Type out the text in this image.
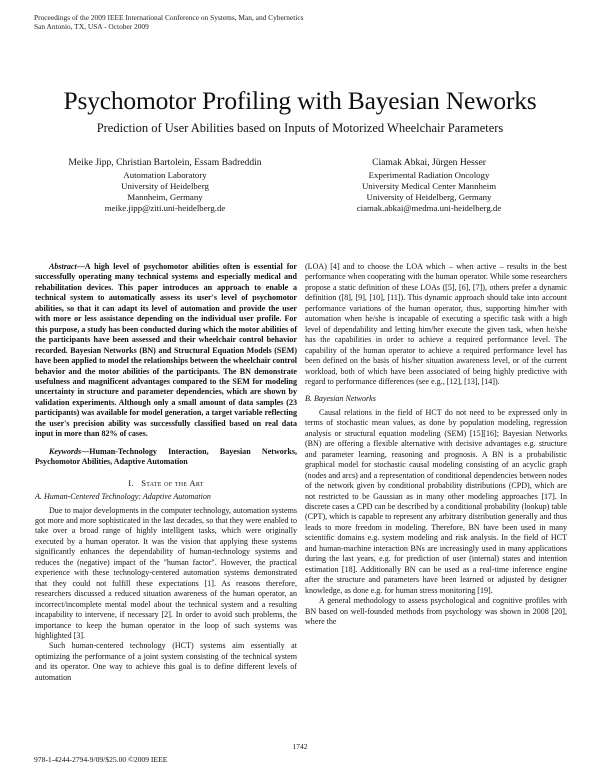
Proceedings of the 2009 IEEE International Conference on Systems, Man, and Cybernetics
San Antonio, TX, USA - October 2009
Psychomotor Profiling with Bayesian Neworks
Prediction of User Abilities based on Inputs of Motorized Wheelchair Parameters
Meike Jipp, Christian Bartolein, Essam Badreddin
Automation Laboratory
University of Heidelberg
Mannheim, Germany
meike.jipp@ziti.uni-heidelberg.de
Ciamak Abkai, Jürgen Hesser
Experimental Radiation Oncology
University Medical Center Mannheim
University of Heidelberg, Germany
ciamak.abkai@medma.uni-heidelberg.de

Abstract—A high level of psychomotor abilities often is essential for successfully operating many technical systems and especially medical and rehabilitation devices. This paper introduces an approach to enable a technical system to automatically assess its user's level of psychomotor abilities, so that it can adapt its level of automation and provide the user with more or less assistance depending on the individual user profile. For this purpose, a study has been conducted during which the motor abilities of the participants have been assessed and their wheelchair control behavior recorded. Bayesian Networks (BN) and Structural Equation Models (SEM) have been applied to model the relationships between the wheelchair control behavior and the motor abilities of the participants. The BN demonstrate usefulness and magnificent advantages compared to the SEM for modeling uncertainty in structure and parameter dependencies, which are shown by validation experiments. Although only a small amount of data samples (23 participants) was available for model generation, a target variable reflecting the user's precision ability was successfully classified based on real data input in more than 82% of cases.

Keywords—Human-Technology Interaction, Bayesian Networks, Psychomotor Abilities, Adaptive Automation

I. State of the Art
A. Human-Centered Technology: Adaptive Automation

Due to major developments in the computer technology, automation systems got more and more sophisticated in the last decades, so that they were enabled to take over a broad range of highly intelligent tasks, which were originally executed by a human operator. It was the vision that applying these systems significantly enhances the dependability of human-technology systems and reduces the (negative) impact of the "human factor". However, the practical experience with these technology-centered automation systems demonstrated that they could not fulfill these expectations [1]. As reasons therefore, researchers discussed a reduced situation awareness of the human operator, an incorrect/incomplete mental model about the technical system and a resulting incapability to intervene, if necessary [2]. In order to avoid such problems, the importance to keep the human operator in the loop of such systems was highlighted [3].

Such human-centered technology (HCT) systems aim essentially at optimizing the performance of a joint system consisting of the technical system and its operator. One way to achieve this goal is to define different levels of automation

(LOA) [4] and to choose the LOA which – when active – results in the best performance when cooperating with the human operator. While some researchers propose a static definition of these LOAs ([5], [6], [7]), others prefer a dynamic definition ([8], [9], [10], [11]). This dynamic approach should take into account performance variations of the human operator, thus, supporting him/her with automation when he/she is incapable of executing a specific task with a high level of dependability and letting him/her execute the given task, when he/she has the capabilities in order to achieve a required performance level. The capability of the human operator to achieve a required performance level has been defined on the basis of his/her situation awareness level, or of the current workload, both of which have been associated of being highly predictive with regard to performance differences (see e.g., [12], [13], [14]).

B. Bayesian Networks

Causal relations in the field of HCT do not need to be expressed only in terms of stochastic mean values, as done by population modeling, regression analysis or structural equation modeling (SEM) [15][16]; Bayesian Networks (BN) are offering a flexible alternative with decisive advantages e.g. structure and parameter learning, reasoning and prognosis. A BN is a probabilistic graphical model for stochastic causal modeling consisting of an acyclic graph (nodes and arcs) and a representation of conditional dependencies between nodes of the network given by conditional probability distributions (CPD), which are not restricted to be Gaussian as in many other modeling approaches [17]. In discrete cases a CPD can be described by a conditional probability (lookup) table (CPT), which is capable to represent any arbitrary distribution generally and thus leads to more freedom in modeling. Therefore, BN have been used in many scientific domains e.g. system modeling and risk analysis. In the field of HCT and human-machine interaction BNs are increasingly used in many applications during the last years, e.g. for prediction of user (internal) states and intention estimation [18]. Additionally BN can be used as a real-time inference engine after the structure and parameters have been learned or adjusted by designer knowledge, as done e.g. for human stress monitoring [19].

A general methodology to assess psychological and cognitive profiles with BN based on well-founded methods from psychology was shown in 2008 [20], where the

1742
978-1-4244-2794-9/09/$25.00 ©2009 IEEE
